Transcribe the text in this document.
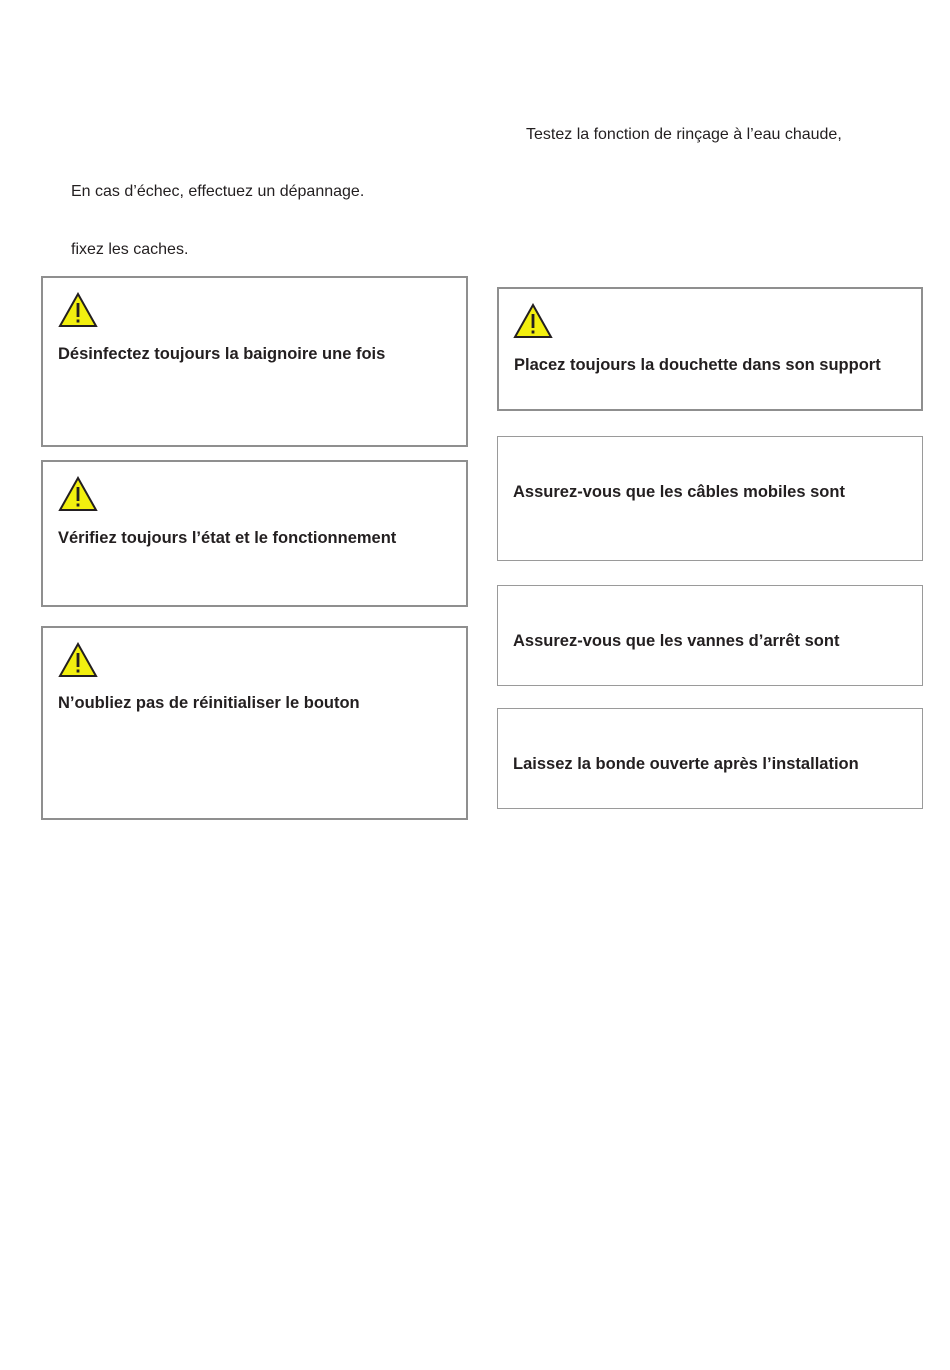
Testez la fonction de rinçage à l’eau chaude,
En cas d’échec, effectuez un dépannage.
fixez les caches.
Désinfectez toujours la baignoire une fois
Vérifiez toujours l’état et le fonctionnement
N’oubliez pas de réinitialiser le bouton
Placez toujours la douchette dans son support
Assurez-vous que les câbles mobiles sont
Assurez-vous que les vannes d’arrêt sont
Laissez la bonde ouverte après l’installation
